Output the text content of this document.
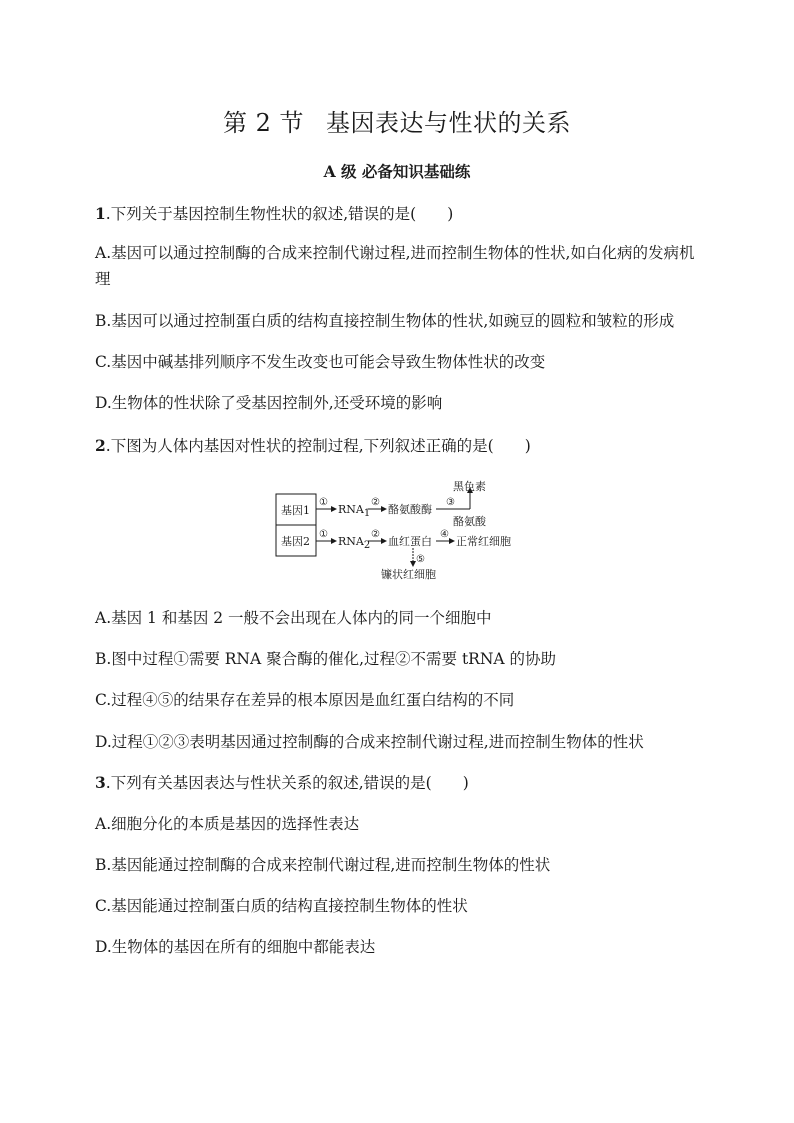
第 2 节 基因表达与性状的关系
A 级 必备知识基础练
1.下列关于基因控制生物性状的叙述,错误的是(　　)
A.基因可以通过控制酶的合成来控制代谢过程,进而控制生物体的性状,如白化病的发病机理
B.基因可以通过控制蛋白质的结构直接控制生物体的性状,如豌豆的圆粒和皱粒的形成
C.基因中碱基排列顺序不发生改变也可能会导致生物体性状的改变
D.生物体的性状除了受基因控制外,还受环境的影响
2.下图为人体内基因对性状的控制过程,下列叙述正确的是(　　)
基因1
基因2
①
RNA1
②
酪氨酸酶
③
黑色素
酪氨酸
①
RNA2
②
血红蛋白
④
正常红细胞
⑤
镰状红细胞
A.基因 1 和基因 2 一般不会出现在人体内的同一个细胞中
B.图中过程①需要 RNA 聚合酶的催化,过程②不需要 tRNA 的协助
C.过程④⑤的结果存在差异的根本原因是血红蛋白结构的不同
D.过程①②③表明基因通过控制酶的合成来控制代谢过程,进而控制生物体的性状
3.下列有关基因表达与性状关系的叙述,错误的是(　　)
A.细胞分化的本质是基因的选择性表达
B.基因能通过控制酶的合成来控制代谢过程,进而控制生物体的性状
C.基因能通过控制蛋白质的结构直接控制生物体的性状
D.生物体的基因在所有的细胞中都能表达
